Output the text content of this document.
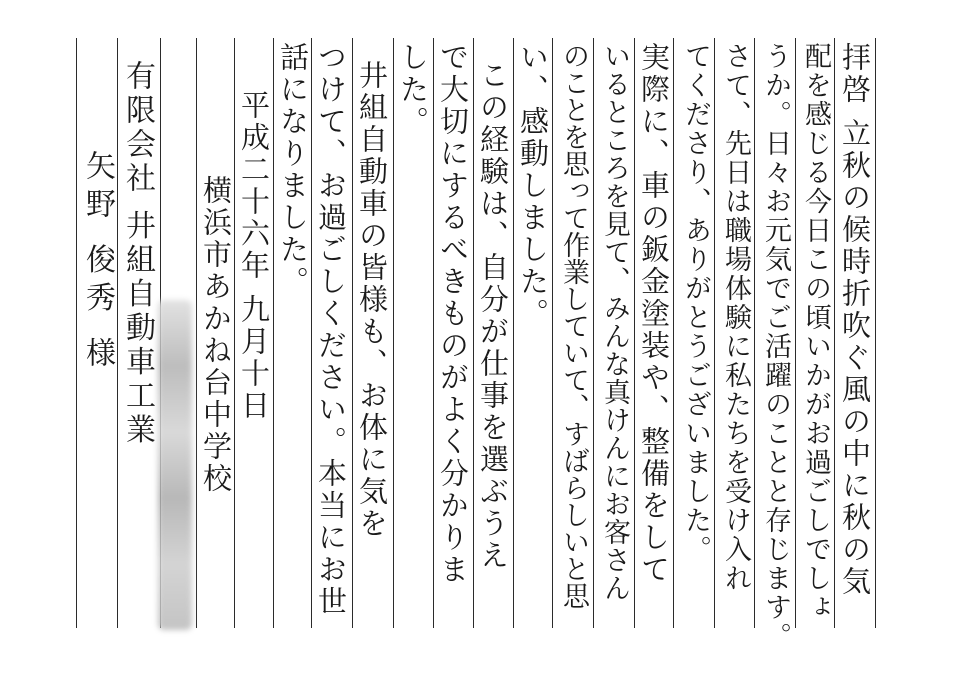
拝啓 立秋の候時折吹ぐ風の中に秋の気
配を感じる今日この頃いかがお過ごしでしょ
うか。日々お元気でご活躍のことと存じます。
さて、先日は職場体験に私たちを受け入れ
てくださり、ありがとうございました。
実際に、車の鈑金塗装や、整備をして
いるところを見て、みんな真けんにお客さん
のことを思って作業していて、すばらしいと思
い、感動しました。
この経験は、自分が仕事を選ぶうえ
で大切にするべきものがよく分かりま
した。
井組自動車の皆様も、お体に気を
つけて、お過ごしください。本当にお世
話になりました。
平成二十六年 九月十日
横浜市あかね台中学校
有限会社 井組自動車工業
矢野 俊秀 様
